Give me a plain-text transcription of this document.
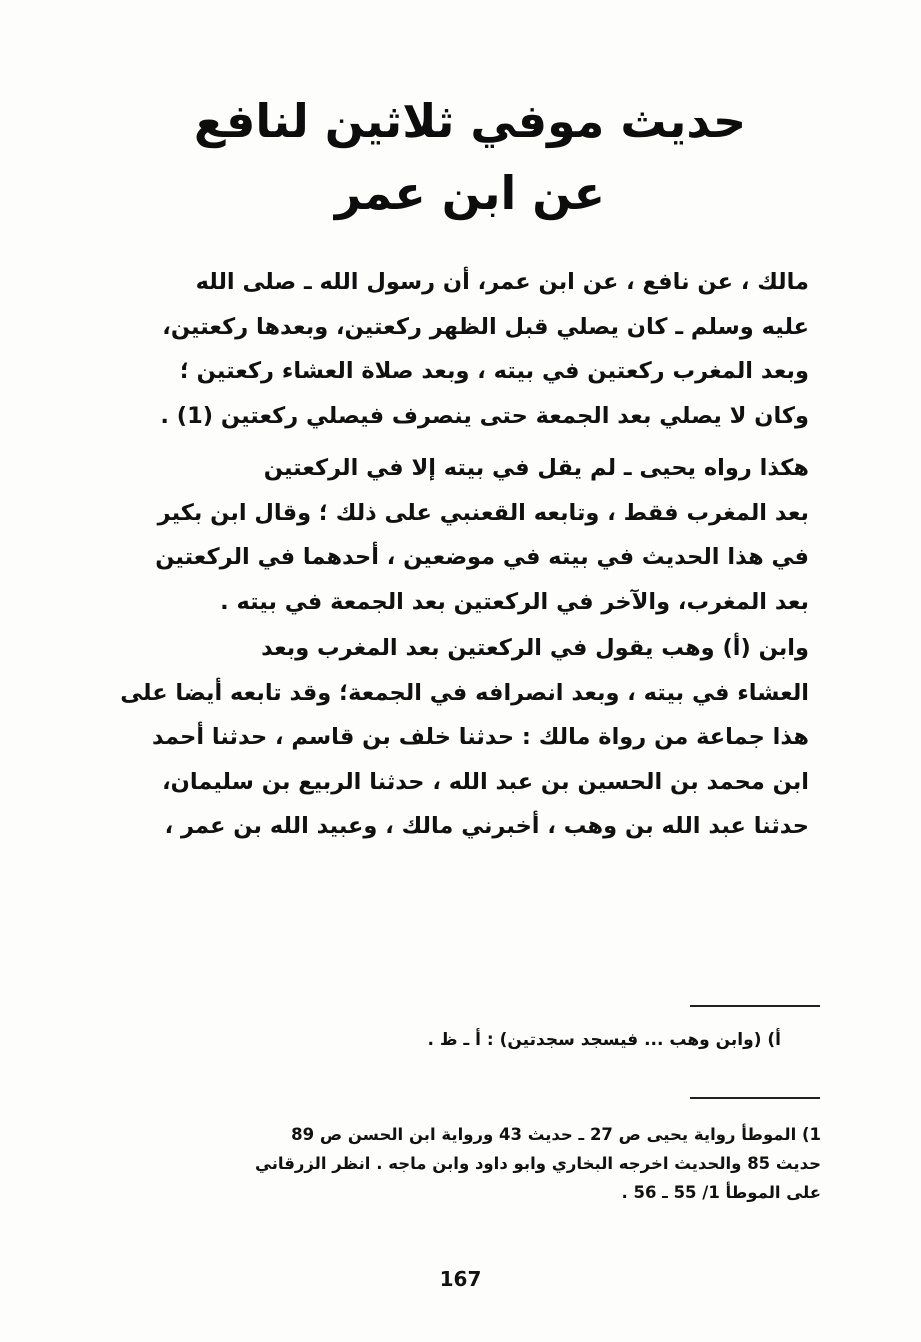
حديث موفي ثلاثين لنافع
عن ابن عمر
مالك ، عن نافع ، عن ابن عمر، أن رسول الله ـ صلى الله
عليه وسلم ـ كان يصلي قبل الظهر ركعتين، وبعدها ركعتين،
وبعد المغرب ركعتين في بيته ، وبعد صلاة العشاء ركعتين ؛
وكان لا يصلي بعد الجمعة حتى ينصرف فيصلي ركعتين (1) .
هكذا رواه يحيى ـ لم يقل في بيته إلا في الركعتين
بعد المغرب فقط ، وتابعه القعنبي على ذلك ؛ وقال ابن بكير
في هذا الحديث في بيته في موضعين ، أحدهما في الركعتين
بعد المغرب، والآخر في الركعتين بعد الجمعة في بيته .
وابن (أ) وهب يقول في الركعتين بعد المغرب وبعد
العشاء في بيته ، وبعد انصرافه في الجمعة؛ وقد تابعه أيضا على
هذا جماعة من رواة مالك : حدثنا خلف بن قاسم ، حدثنا أحمد
ابن محمد بن الحسين بن عبد الله ، حدثنا الربيع بن سليمان،
حدثنا عبد الله بن وهب ، أخبرني مالك ، وعبيد الله بن عمر ،
أ) (وابن وهب ... فيسجد سجدتين) : أ ـ ظ .
1) الموطأ رواية يحيى ص 27 ـ حديث 43 ورواية ابن الحسن ص 89
حديث 85 والحديث اخرجه البخاري وابو داود وابن ماجه . انظر الزرقاني
على الموطأ 1/ 55 ـ 56 .
167
